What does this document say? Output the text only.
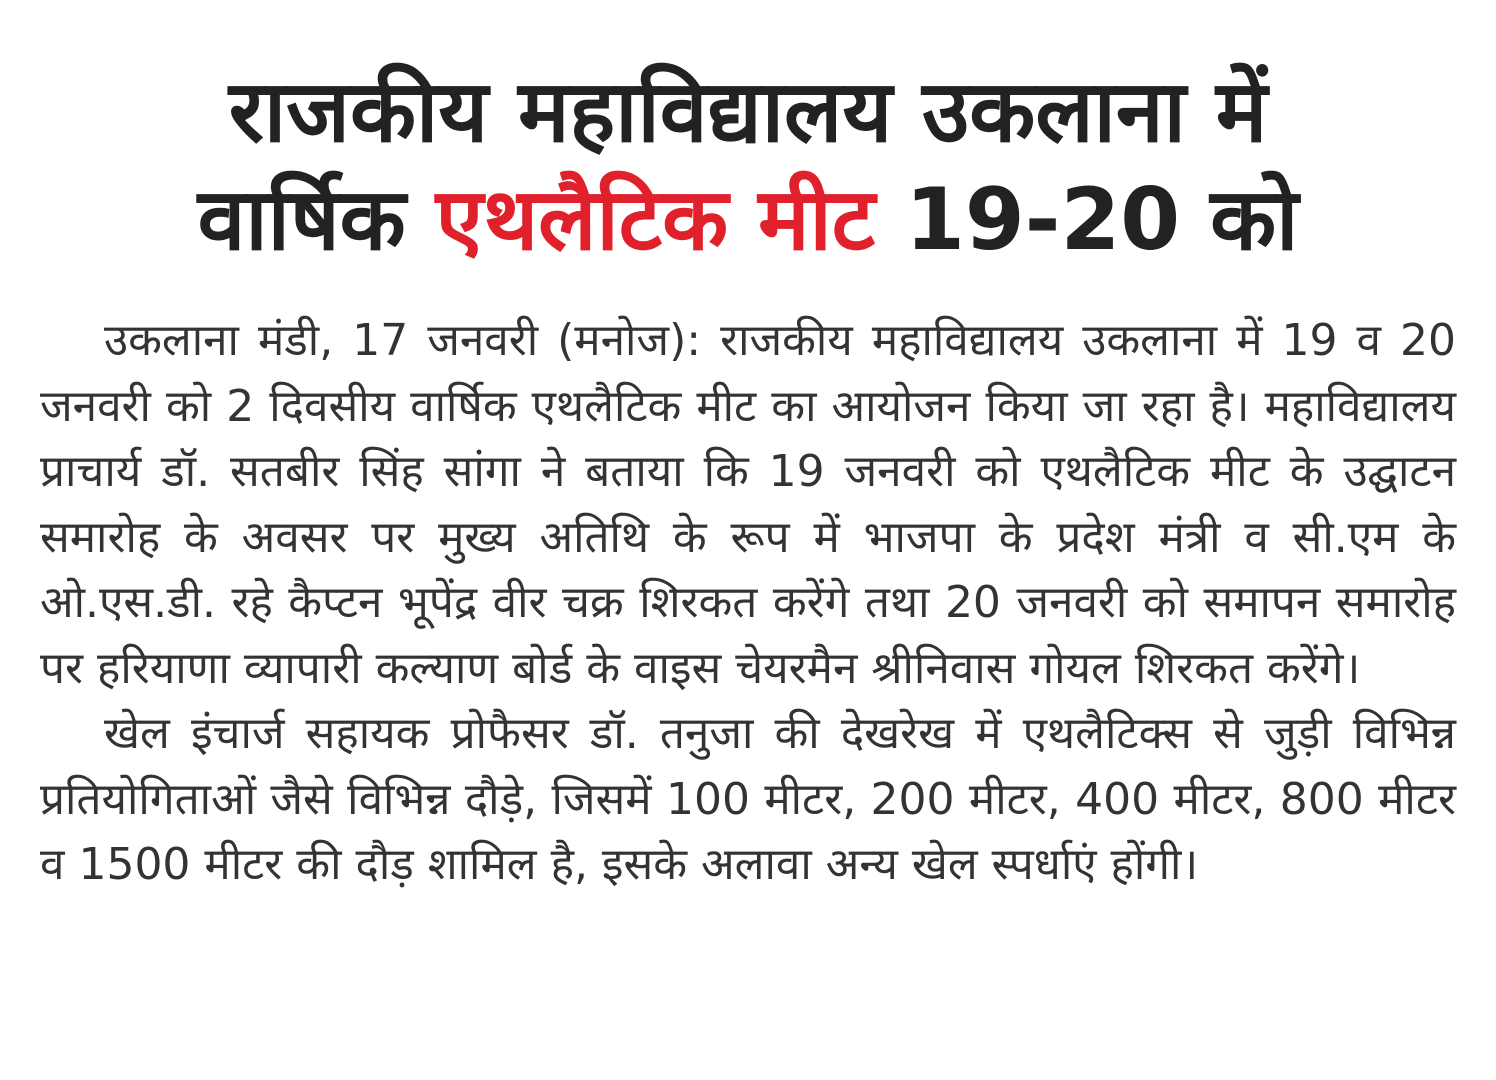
राजकीय महाविद्यालय उकलाना में
वार्षिक एथलैटिक मीट 19-20 को

उकलाना मंडी, 17 जनवरी (मनोज): राजकीय महाविद्यालय उकलाना में 19 व 20 जनवरी को 2 दिवसीय वार्षिक एथलैटिक मीट का आयोजन किया जा रहा है। महाविद्यालय प्राचार्य डॉ. सतबीर सिंह सांगा ने बताया कि 19 जनवरी को एथलैटिक मीट के उद्घाटन समारोह के अवसर पर मुख्य अतिथि के रूप में भाजपा के प्रदेश मंत्री व सी.एम के ओ.एस.डी. रहे कैप्टन भूपेंद्र वीर चक्र शिरकत करेंगे तथा 20 जनवरी को समापन समारोह पर हरियाणा व्यापारी कल्याण बोर्ड के वाइस चेयरमैन श्रीनिवास गोयल शिरकत करेंगे।

खेल इंचार्ज सहायक प्रोफैसर डॉ. तनुजा की देखरेख में एथलैटिक्स से जुड़ी विभिन्न प्रतियोगिताओं जैसे विभिन्न दौड़े, जिसमें 100 मीटर, 200 मीटर, 400 मीटर, 800 मीटर व 1500 मीटर की दौड़ शामिल है, इसके अलावा अन्य खेल स्पर्धाएं होंगी।
